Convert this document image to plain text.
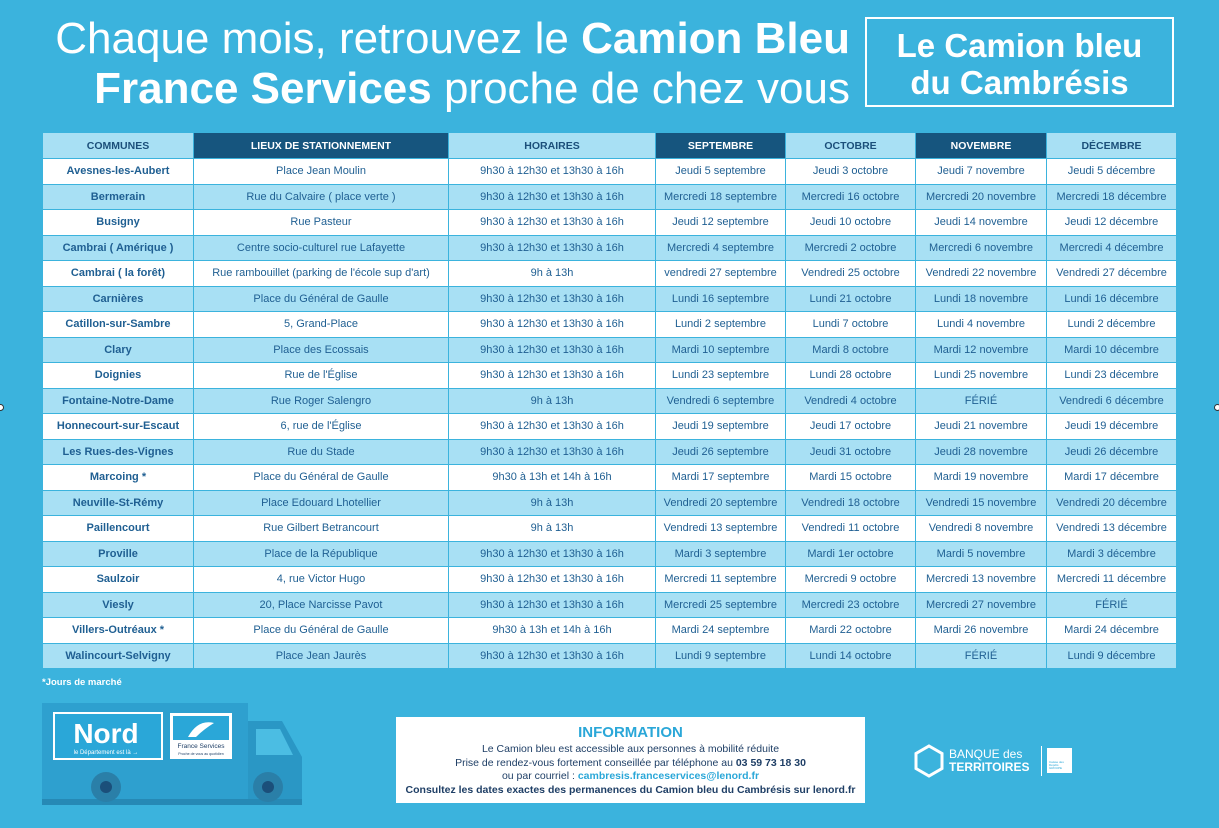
Chaque mois, retrouvez le Camion Bleu
France Services proche de chez vous
Le Camion bleu
du Cambrésis
COMMUNES	LIEUX DE STATIONNEMENT	HORAIRES	SEPTEMBRE	OCTOBRE	NOVEMBRE	DÉCEMBRE
Avesnes-les-Aubert	Place Jean Moulin	9h30 à 12h30 et 13h30 à 16h	Jeudi 5 septembre	Jeudi 3 octobre	Jeudi 7 novembre	Jeudi 5 décembre
Bermerain	Rue du Calvaire ( place verte )	9h30 à 12h30 et 13h30 à 16h	Mercredi 18 septembre	Mercredi 16 octobre	Mercredi 20 novembre	Mercredi 18 décembre
Busigny	Rue Pasteur	9h30 à 12h30 et 13h30 à 16h	Jeudi 12 septembre	Jeudi 10 octobre	Jeudi 14 novembre	Jeudi 12 décembre
Cambrai ( Amérique )	Centre socio-culturel rue Lafayette	9h30 à 12h30 et 13h30 à 16h	Mercredi 4 septembre	Mercredi 2 octobre	Mercredi 6 novembre	Mercredi 4 décembre
Cambrai ( la forêt)	Rue rambouillet (parking de l'école sup d'art)	9h à 13h	vendredi 27 septembre	Vendredi 25 octobre	Vendredi 22 novembre	Vendredi 27 décembre
Carnières	Place du Général de Gaulle	9h30 à 12h30 et 13h30 à 16h	Lundi 16 septembre	Lundi 21 octobre	Lundi 18 novembre	Lundi 16 décembre
Catillon-sur-Sambre	5, Grand-Place	9h30 à 12h30 et 13h30 à 16h	Lundi 2 septembre	Lundi 7 octobre	Lundi 4 novembre	Lundi 2 décembre
Clary	Place des Ecossais	9h30 à 12h30 et 13h30 à 16h	Mardi 10 septembre	Mardi 8 octobre	Mardi 12 novembre	Mardi 10 décembre
Doignies	Rue de l'Église	9h30 à 12h30 et 13h30 à 16h	Lundi 23 septembre	Lundi 28 octobre	Lundi 25 novembre	Lundi 23 décembre
Fontaine-Notre-Dame	Rue Roger Salengro	9h à 13h	Vendredi 6 septembre	Vendredi 4 octobre	FÉRIÉ	Vendredi 6 décembre
Honnecourt-sur-Escaut	6, rue de l'Église	9h30 à 12h30 et 13h30 à 16h	Jeudi 19 septembre	Jeudi 17 octobre	Jeudi 21 novembre	Jeudi 19 décembre
Les Rues-des-Vignes	Rue du Stade	9h30 à 12h30 et 13h30 à 16h	Jeudi 26 septembre	Jeudi 31 octobre	Jeudi 28 novembre	Jeudi 26 décembre
Marcoing *	Place du Général de Gaulle	9h30 à 13h et 14h à 16h	Mardi 17 septembre	Mardi 15 octobre	Mardi 19 novembre	Mardi 17 décembre
Neuville-St-Rémy	Place Edouard Lhotellier	9h à 13h	Vendredi 20 septembre	Vendredi 18 octobre	Vendredi 15 novembre	Vendredi 20 décembre
Paillencourt	Rue Gilbert Betrancourt	9h à 13h	Vendredi 13 septembre	Vendredi 11 octobre	Vendredi 8 novembre	Vendredi 13 décembre
Proville	Place de la République	9h30 à 12h30 et 13h30 à 16h	Mardi 3 septembre	Mardi 1er octobre	Mardi 5 novembre	Mardi 3 décembre
Saulzoir	4, rue Victor Hugo	9h30 à 12h30 et 13h30 à 16h	Mercredi 11 septembre	Mercredi 9 octobre	Mercredi 13 novembre	Mercredi 11 décembre
Viesly	20, Place Narcisse Pavot	9h30 à 12h30 et 13h30 à 16h	Mercredi 25 septembre	Mercredi 23 octobre	Mercredi 27 novembre	FÉRIÉ
Villers-Outréaux *	Place du Général de Gaulle	9h30 à 13h et 14h à 16h	Mardi 24 septembre	Mardi 22 octobre	Mardi 26 novembre	Mardi 24 décembre
Walincourt-Selvigny	Place Jean Jaurès	9h30 à 12h30 et 13h30 à 16h	Lundi 9 septembre	Lundi 14 octobre	FÉRIÉ	Lundi 9 décembre
*Jours de marché
Nord
le Département est là →
France Services
Proche de vous au quotidien
INFORMATION
Le Camion bleu est accessible aux personnes à mobilité réduite
Prise de rendez-vous fortement conseillée par téléphone au 03 59 73 18 30
ou par courriel : cambresis.franceservices@lenord.fr
Consultez les dates exactes des permanences du Camion bleu du Cambrésis sur lenord.fr
BANQUE des
TERRITOIRES	Caisse des Dépôts GROUPE
